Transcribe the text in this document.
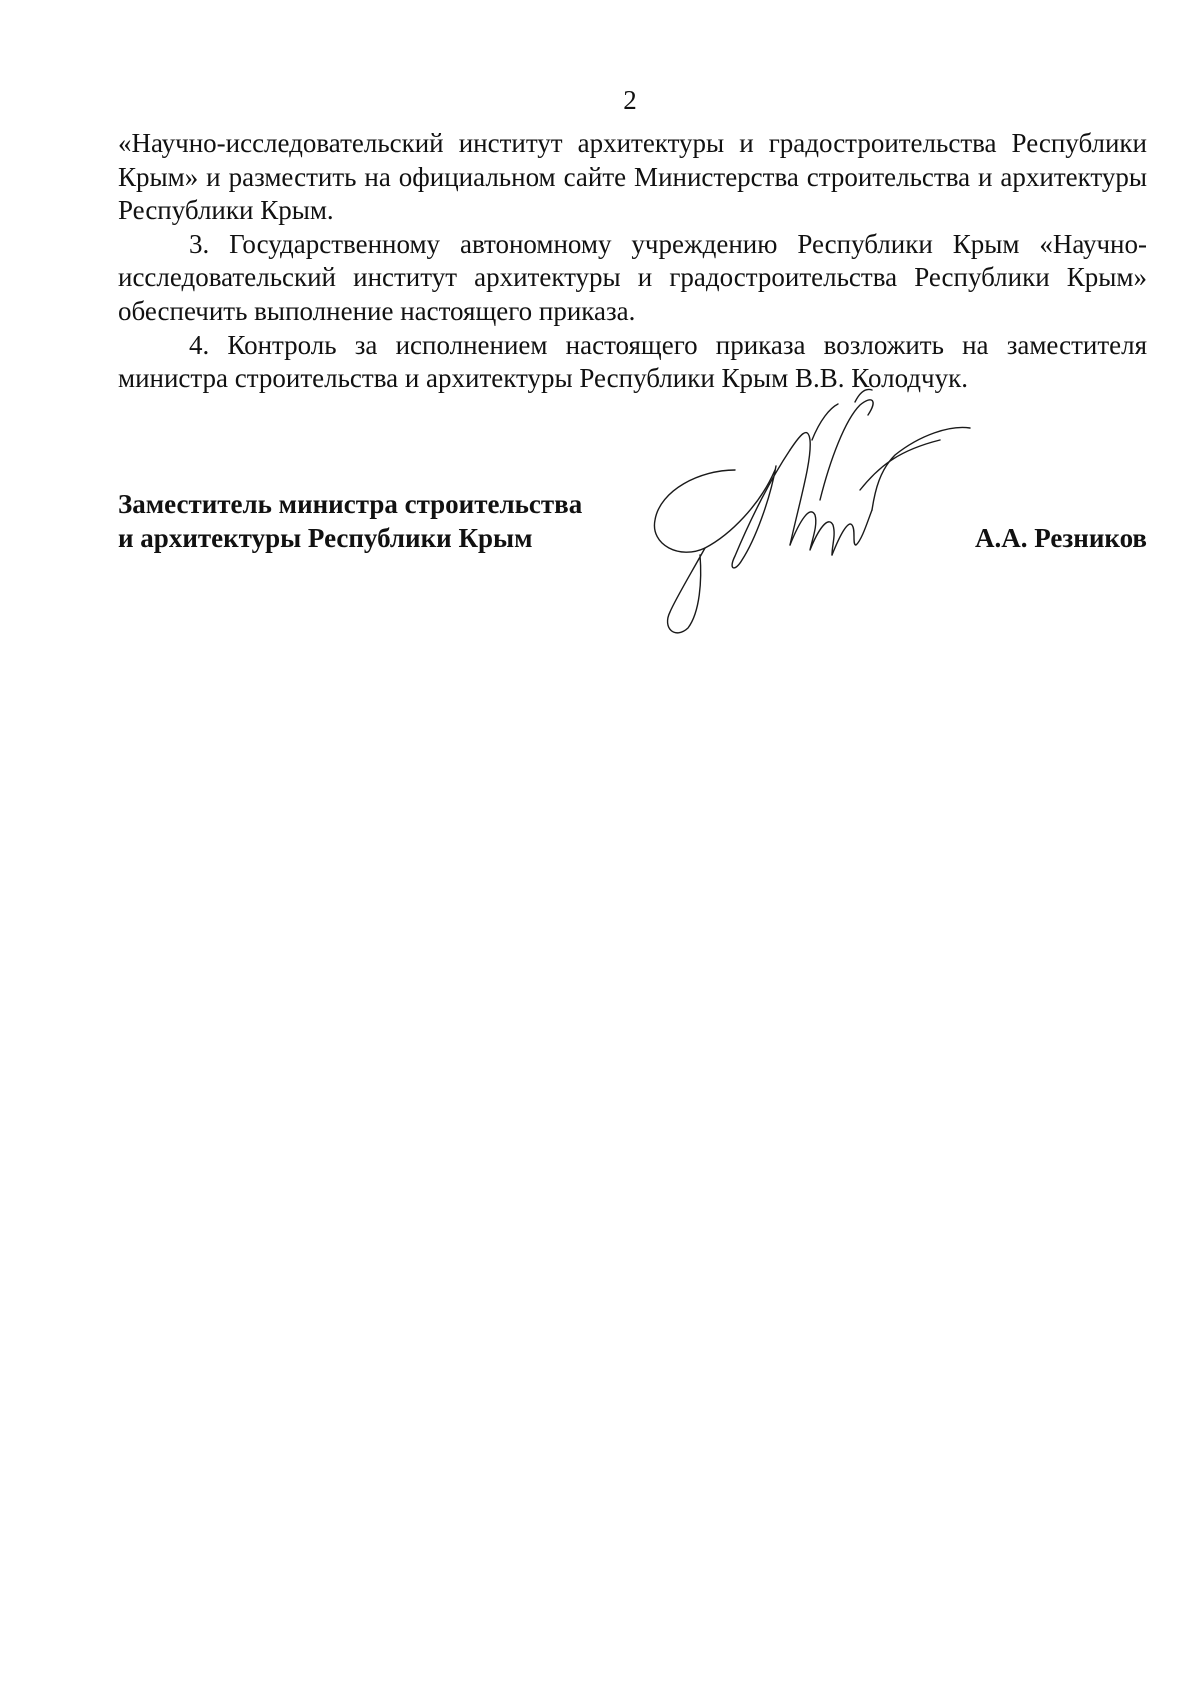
2

«Научно-исследовательский институт архитектуры и градостроительства Республики Крым» и разместить на официальном сайте Министерства строительства и архитектуры Республики Крым.

3. Государственному автономному учреждению Республики Крым «Научно-исследовательский институт архитектуры и градостроительства Республики Крым» обеспечить выполнение настоящего приказа.

4. Контроль за исполнением настоящего приказа возложить на заместителя министра строительства и архитектуры Республики Крым В.В. Колодчук.

Заместитель министра строительства
и архитектуры Республики Крым	А.А. Резников
